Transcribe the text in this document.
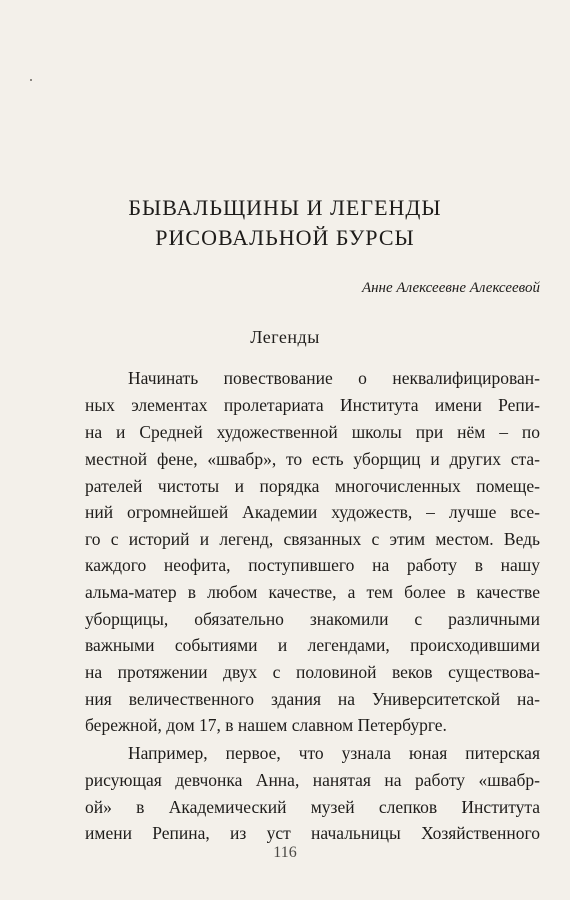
БЫВАЛЬЩИНЫ И ЛЕГЕНДЫ
РИСОВАЛЬНОЙ БУРСЫ
Анне Алексеевне Алексеевой
Легенды
Начинать повествование о неквалифицирован-
ных элементах пролетариата Института имени Репи-
на и Средней художественной школы при нём – по
местной фене, «швабр», то есть уборщиц и других ста-
рателей чистоты и порядка многочисленных помеще-
ний огромнейшей Академии художеств, – лучше все-
го с историй и легенд, связанных с этим местом. Ведь
каждого неофита, поступившего на работу в нашу
альма-матер в любом качестве, а тем более в качестве
уборщицы, обязательно знакомили с различными
важными событиями и легендами, происходившими
на протяжении двух с половиной веков существова-
ния величественного здания на Университетской на-
бережной, дом 17, в нашем славном Петербурге.
Например, первое, что узнала юная питерская
рисующая девчонка Анна, нанятая на работу «швабр-
ой» в Академический музей слепков Института
имени Репина, из уст начальницы Хозяйственного
116
